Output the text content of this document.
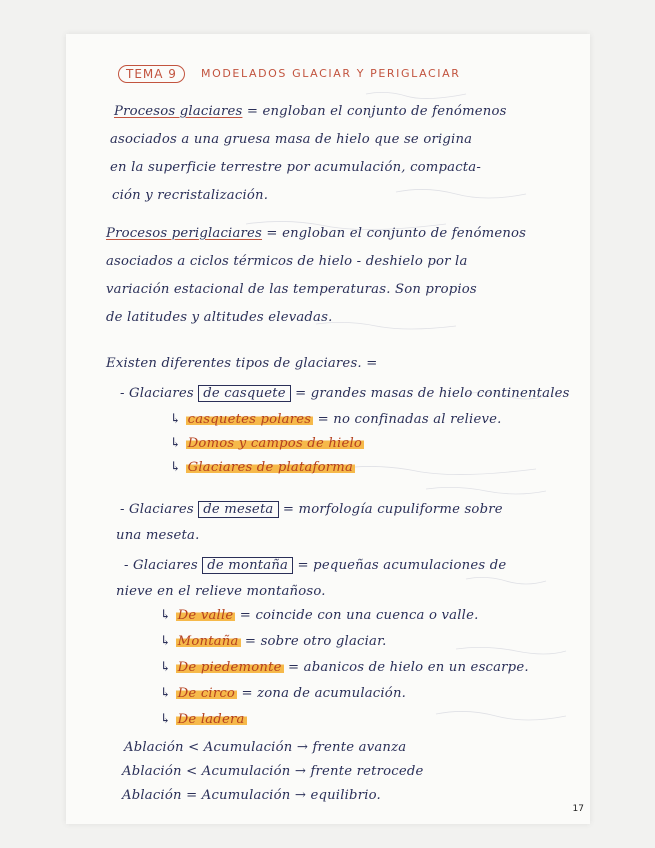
TEMA 9	MODELADOS GLACIAR Y PERIGLACIAR
Procesos glaciares = engloban el conjunto de fenómenos
asociados a una gruesa masa de hielo que se origina
en la superficie terrestre por acumulación, compacta-
ción y recristalización.
Procesos periglaciares = engloban el conjunto de fenómenos
asociados a ciclos térmicos de hielo - deshielo por la
variación estacional de las temperaturas. Son propios
de latitudes y altitudes elevadas.
Existen diferentes tipos de glaciares. =
- Glaciares de casquete = grandes masas de hielo continentales
↳ casquetes polares = no confinadas al relieve.
↳ Domos y campos de hielo
↳ Glaciares de plataforma
- Glaciares de meseta = morfología cupuliforme sobre
una meseta.
- Glaciares de montaña = pequeñas acumulaciones de
nieve en el relieve montañoso.
↳ De valle = coincide con una cuenca o valle.
↳ Montaña = sobre otro glaciar.
↳ De piedemonte = abanicos de hielo en un escarpe.
↳ De circo = zona de acumulación.
↳ De ladera
Ablación < Acumulación → frente avanza
Ablación < Acumulación → frente retrocede
Ablación = Acumulación → equilibrio.
17
